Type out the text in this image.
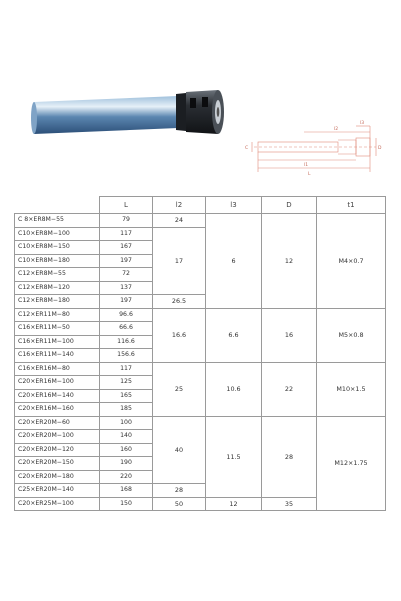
L
l1
l2
l3
D
C
	L	l2	l3	D	t1
C 8×ER8M−55	79	24	6	12	M4×0.7
C10×ER8M−100	117	17			
C10×ER8M−150	167				
C10×ER8M−180	197				
C12×ER8M−55	72				
C12×ER8M−120	137				
C12×ER8M−180	197	26.5			
C12×ER11M−80	96.6	16.6	6.6	16	M5×0.8
C16×ER11M−50	66.6				
C16×ER11M−100	116.6				
C16×ER11M−140	156.6				
C16×ER16M−80	117	25	10.6	22	M10×1.5
C20×ER16M−100	125				
C20×ER16M−140	165				
C20×ER16M−160	185				
C20×ER20M−60	100	40	11.5	28	M12×1.75
C20×ER20M−100	140				
C20×ER20M−120	160				
C20×ER20M−150	190				
C20×ER20M−180	220				
C25×ER20M−140	168	28			
C20×ER25M−100	150	50	12	35	
